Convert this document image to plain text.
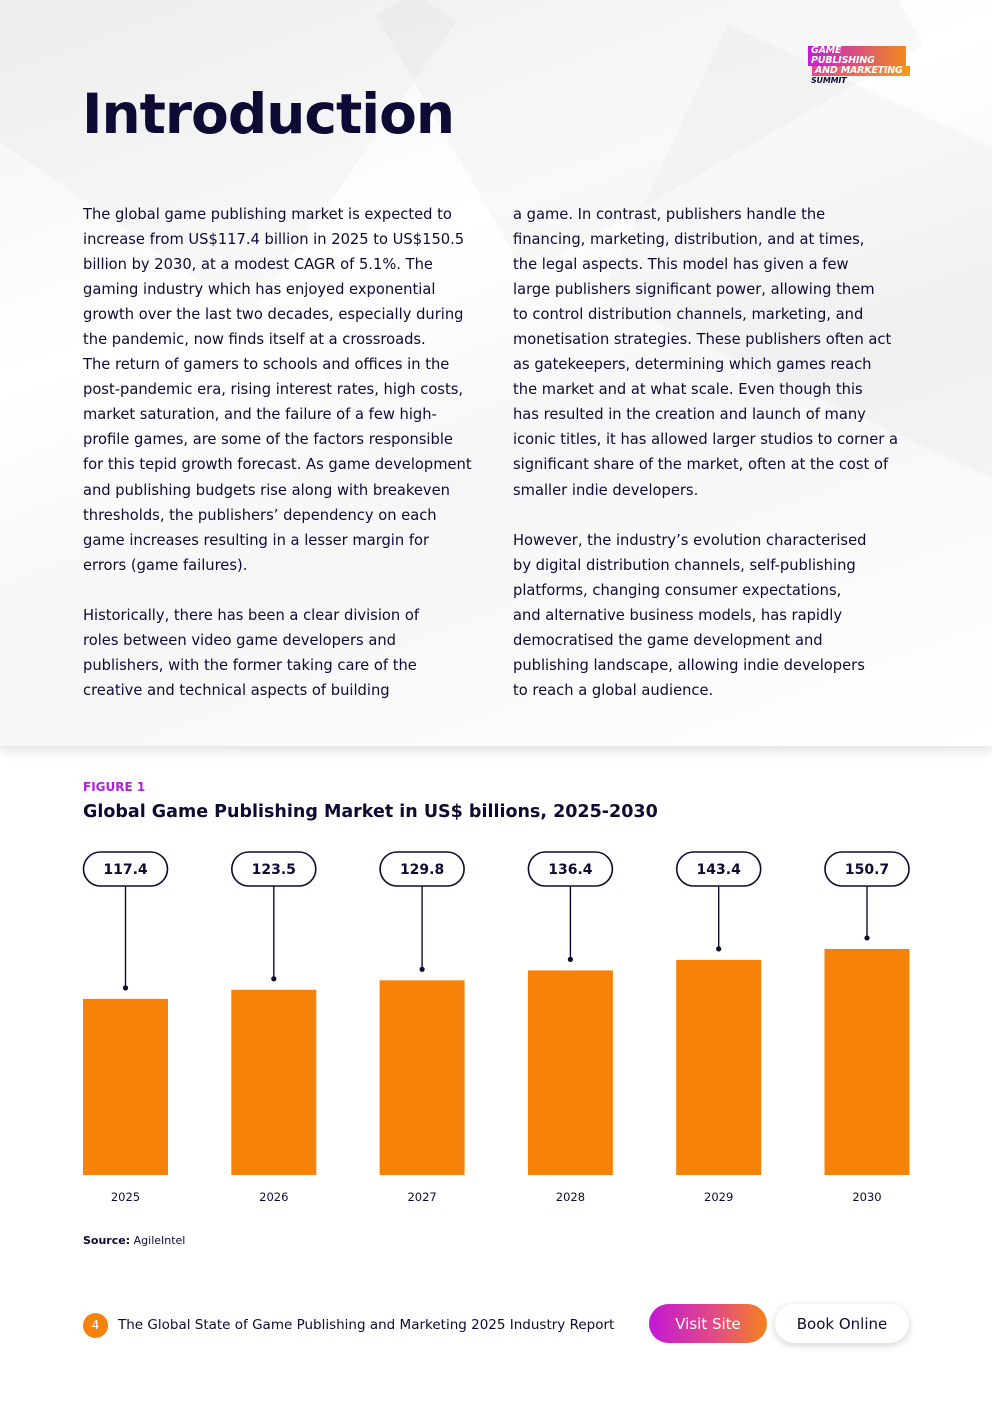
GAME PUBLISHING
AND MARKETING
SUMMIT
Introduction

The global game publishing market is expected to
increase from US$117.4 billion in 2025 to US$150.5
billion by 2030, at a modest CAGR of 5.1%. The
gaming industry which has enjoyed exponential
growth over the last two decades, especially during
the pandemic, now finds itself at a crossroads.
The return of gamers to schools and offices in the
post-pandemic era, rising interest rates, high costs,
market saturation, and the failure of a few high-
profile games, are some of the factors responsible
for this tepid growth forecast. As game development
and publishing budgets rise along with breakeven
thresholds, the publishers’ dependency on each
game increases resulting in a lesser margin for
errors (game failures).

Historically, there has been a clear division of
roles between video game developers and
publishers, with the former taking care of the
creative and technical aspects of building

a game. In contrast, publishers handle the
financing, marketing, distribution, and at times,
the legal aspects. This model has given a few
large publishers significant power, allowing them
to control distribution channels, marketing, and
monetisation strategies. These publishers often act
as gatekeepers, determining which games reach
the market and at what scale. Even though this
has resulted in the creation and launch of many
iconic titles, it has allowed larger studios to corner a
significant share of the market, often at the cost of
smaller indie developers.

However, the industry’s evolution characterised
by digital distribution channels, self-publishing
platforms, changing consumer expectations,
and alternative business models, has rapidly
democratised the game development and
publishing landscape, allowing indie developers
to reach a global audience.

FIGURE 1
Global Game Publishing Market in US$ billions, 2025-2030
117.4
2025
123.5
2026
129.8
2027
136.4
2028
143.4
2029
150.7
2030
Source: AgileIntel
4	The Global State of Game Publishing and Marketing 2025 Industry Report	Visit Site	Book Online
